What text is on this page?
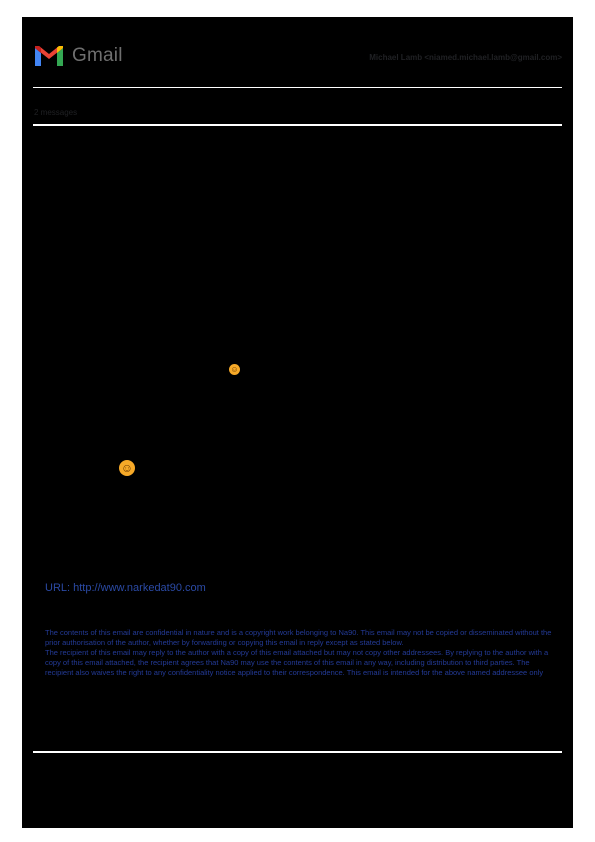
Gmail	Michael Lamb <niamed.michael.lamb@gmail.com>
2 messages
☺
☺
URL: http://www.narkedat90.com

The contents of this email are confidential in nature and is a copyright work belonging to Na90. This email may not be copied or disseminated without the prior authorisation of the author, whether by forwarding or copying this email in reply except as stated below.

The recipient of this email may reply to the author with a copy of this email attached but may not copy other addressees. By replying to the author with a copy of this email attached, the recipient agrees that Na90 may use the contents of this email in any way, including distribution to third parties. The recipient also waives the right to any confidentiality notice applied to their correspondence. This email is intended for the above named addressee only
